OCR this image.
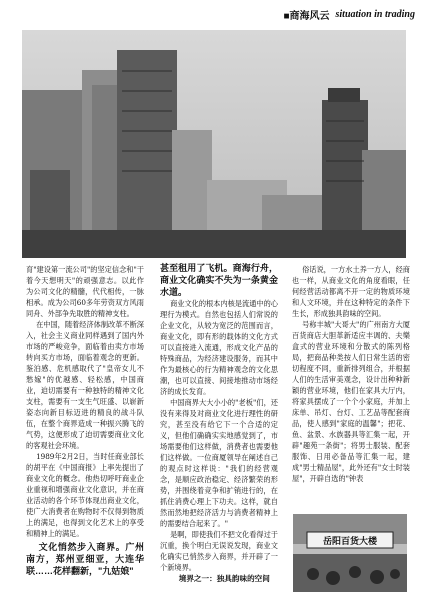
■商海风云 situation in trading

育"建设第一流公司"的坚定信念和"干着今天想明天"的顽强意志。以此作为公司文化的精髓，代代相传，一脉相承。成为公司60多年劳资双方风雨同舟、外部争先取胜的精神支柱。

在中国，随着经济体制改革不断深入，社会主义商业同样遇到了国内外市场的严峻竞争，面临着由卖方市场转向买方市场，面临着观念的更新。鉴泊感、危机感取代了"皇帝女儿不愁嫁"的优越感、轻松感，中国商业，迫切需要有一种独特的精神文化支柱，需要有一支生气旺盛、以崭新姿态向新目标迈进的精良的战斗队伍，在整个商界造成一种振兴腾飞的气势，这便形成了迫切需要商业文化的客观社会环境。

1989年2月2日，当时任商业部长的胡平在《中国商报》上率先提出了商业文化的概念。他热切呼吁商业企业重视和增强商业文化意识，并在商业活动的各个环节体现出商业文化，使广大消费者在购物时不仅得到物质上的满足，也得到文化艺术上的享受和精神上的满足。

文化悄然步入商界。广州南方，郑州亚细亚，大连华联……花样翻新，"九姑娘"

甚至租用了飞机。商海行舟，商业文化确实不失为一条黄金水道。

商业文化的根本内核是流通中的心理行为模式。自然也包括人们常说的企业文化，从较为宽泛的范围而言，商业文化，即有形的载体的文化方式可以直接进入流通，形成文化产品的特殊商品，为经济建设服务，而其中作为最核心的行为精神观念的文化思潮，也可以直接、间接地推动市场经济的成长发育。

中国商界大大小小的"老板"们，还没有来得及对商业文化进行理性的研究，甚至没有给它下一个合适的定义，但他们确确实实地感觉到了，市场需要他们这样做，消费者也需要他们这样做。一位商厦领导在阐述自己的观点时这样说："我们的经营观念，是顺应政治稳定、经济繁荣的形势，并围绕着竞争和扩销进行的，在抓住消费心理上下功夫。这样，就自然而然地把经济活力与消费者精神上的需要结合起来了。"

是啊，即使我们不把文化看得过于沉重，换个明白无误说发现，商业文化确实已悄然步入商界，并开辟了一个新境界。

境界之一：独具韵味的空间

俗话说，一方水土养一方人，经商也一样，从商业文化的角度看眼，任何经营活动都离不开一定的物质环境和人文环境，并在这种特定的条件下生长，形成独具韵味的空间。

号称丰城"大哥大"的广州南方大厦百货商店大胆革新适应丰调的、夫樂盒式的营业环境和分散式的陈列格局，把商品种类按人们日常生活的密切程度不同，重新排列组合，并根据人们的生活审美观念，设计出种种新颖的营业环境，他们在家具大厅内，将家具摆成了一个个小家庭，并加上床单、吊灯、台灯、工艺品等配套商品，使人感到"家庭的温馨"；把花、鱼、盆景、水族器具等汇集一起，开辟"趣苑一条街"；将男士服装、配套服饰、日用必备品等汇集一起，建成"男士精品屋"，此外还有"女士时装屋"，开辟自选的"钟表

岳阳百货大楼
